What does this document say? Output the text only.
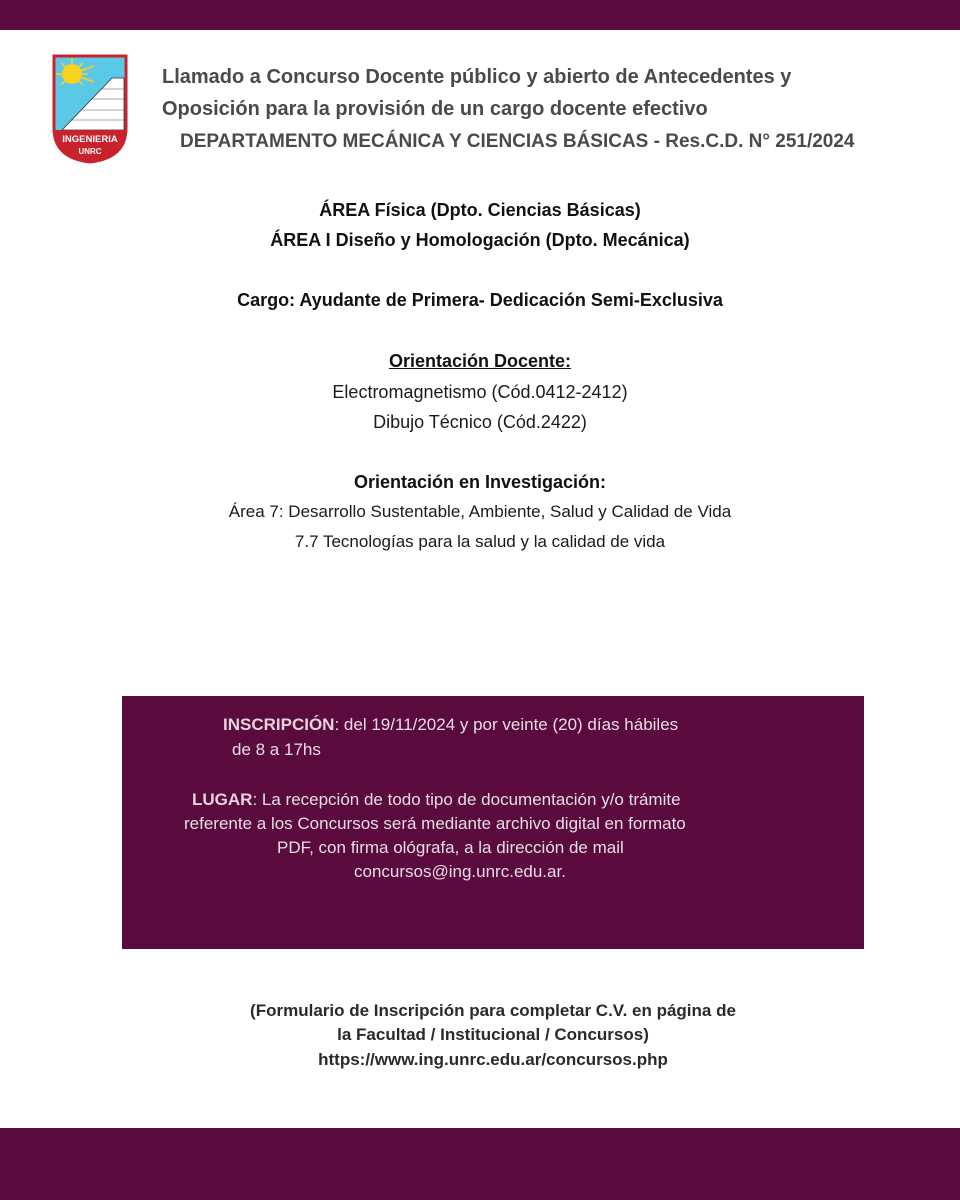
INGENIERIA
UNRC
Llamado a Concurso Docente público y abierto de Antecedentes y
Oposición para la provisión de un cargo docente efectivo
DEPARTAMENTO MECÁNICA Y CIENCIAS BÁSICAS - Res.C.D. N° 251/2024
ÁREA Física (Dpto. Ciencias Básicas)
ÁREA I Diseño y Homologación (Dpto. Mecánica)
Cargo: Ayudante de Primera- Dedicación Semi-Exclusiva
Orientación Docente:
Electromagnetismo (Cód.0412-2412)
Dibujo Técnico (Cód.2422)
Orientación en Investigación:
Área 7: Desarrollo Sustentable, Ambiente, Salud y Calidad de Vida
7.7 Tecnologías para la salud y la calidad de vida
INSCRIPCIÓN: del 19/11/2024 y por veinte (20) días hábiles
de 8 a 17hs
LUGAR: La recepción de todo tipo de documentación y/o trámite
referente a los Concursos será mediante archivo digital en formato
PDF, con firma ológrafa, a la dirección de mail
concursos@ing.unrc.edu.ar.
(Formulario de Inscripción para completar C.V. en página de
la Facultad / Institucional / Concursos)
https://www.ing.unrc.edu.ar/concursos.php
